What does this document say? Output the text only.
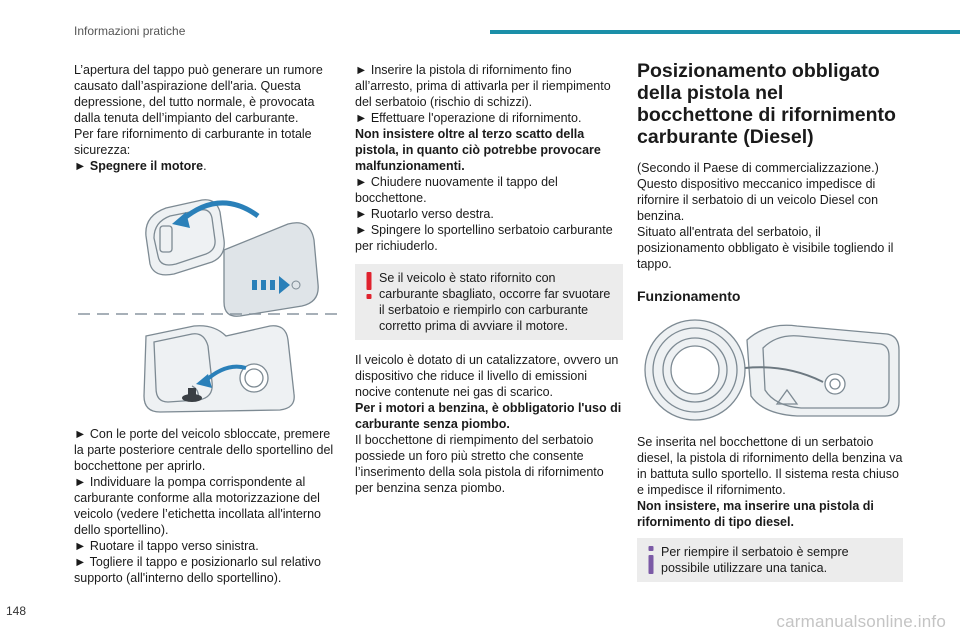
Informazioni pratiche

L’apertura del tappo può generare un rumore causato dall’aspirazione dell'aria. Questa depressione, del tutto normale, è provocata dalla tenuta dell’impianto del carburante.

Per fare rifornimento di carburante in totale sicurezza:

► Spegnere il motore.

► Con le porte del veicolo sbloccate, premere la parte posteriore centrale dello sportellino del bocchettone per aprirlo.

► Individuare la pompa corrispondente al carburante conforme alla motorizzazione del veicolo (vedere l’etichetta incollata all'interno dello sportellino).

► Ruotare il tappo verso sinistra.

► Togliere il tappo e posizionarlo sul relativo supporto (all'interno dello sportellino).

► Inserire la pistola di rifornimento fino all’arresto, prima di attivarla per il riempimento del serbatoio (rischio di schizzi).

► Effettuare l'operazione di rifornimento.

Non insistere oltre al terzo scatto della pistola, in quanto ciò potrebbe provocare malfunzionamenti.

► Chiudere nuovamente il tappo del bocchettone.

► Ruotarlo verso destra.

► Spingere lo sportellino serbatoio carburante per richiuderlo.

Se il veicolo è stato rifornito con carburante sbagliato, occorre far svuotare il serbatoio e riempirlo con carburante corretto prima di avviare il motore.

Il veicolo è dotato di un catalizzatore, ovvero un dispositivo che riduce il livello di emissioni nocive contenute nei gas di scarico.

Per i motori a benzina, è obbligatorio l'uso di carburante senza piombo.

Il bocchettone di riempimento del serbatoio possiede un foro più stretto che consente l’inserimento della sola pistola di rifornimento per benzina senza piombo.

Posizionamento obbligato della pistola nel bocchettone di rifornimento carburante (Diesel)

(Secondo il Paese di commercializzazione.)

Questo dispositivo meccanico impedisce di rifornire il serbatoio di un veicolo Diesel con benzina.

Situato all'entrata del serbatoio, il posizionamento obbligato è visibile togliendo il tappo.

Funzionamento

Se inserita nel bocchettone di un serbatoio diesel, la pistola di rifornimento della benzina va in battuta sullo sportello. Il sistema resta chiuso e impedisce il rifornimento.

Non insistere, ma inserire una pistola di rifornimento di tipo diesel.

Per riempire il serbatoio è sempre possibile utilizzare una tanica.
148
carmanualsonline.info
